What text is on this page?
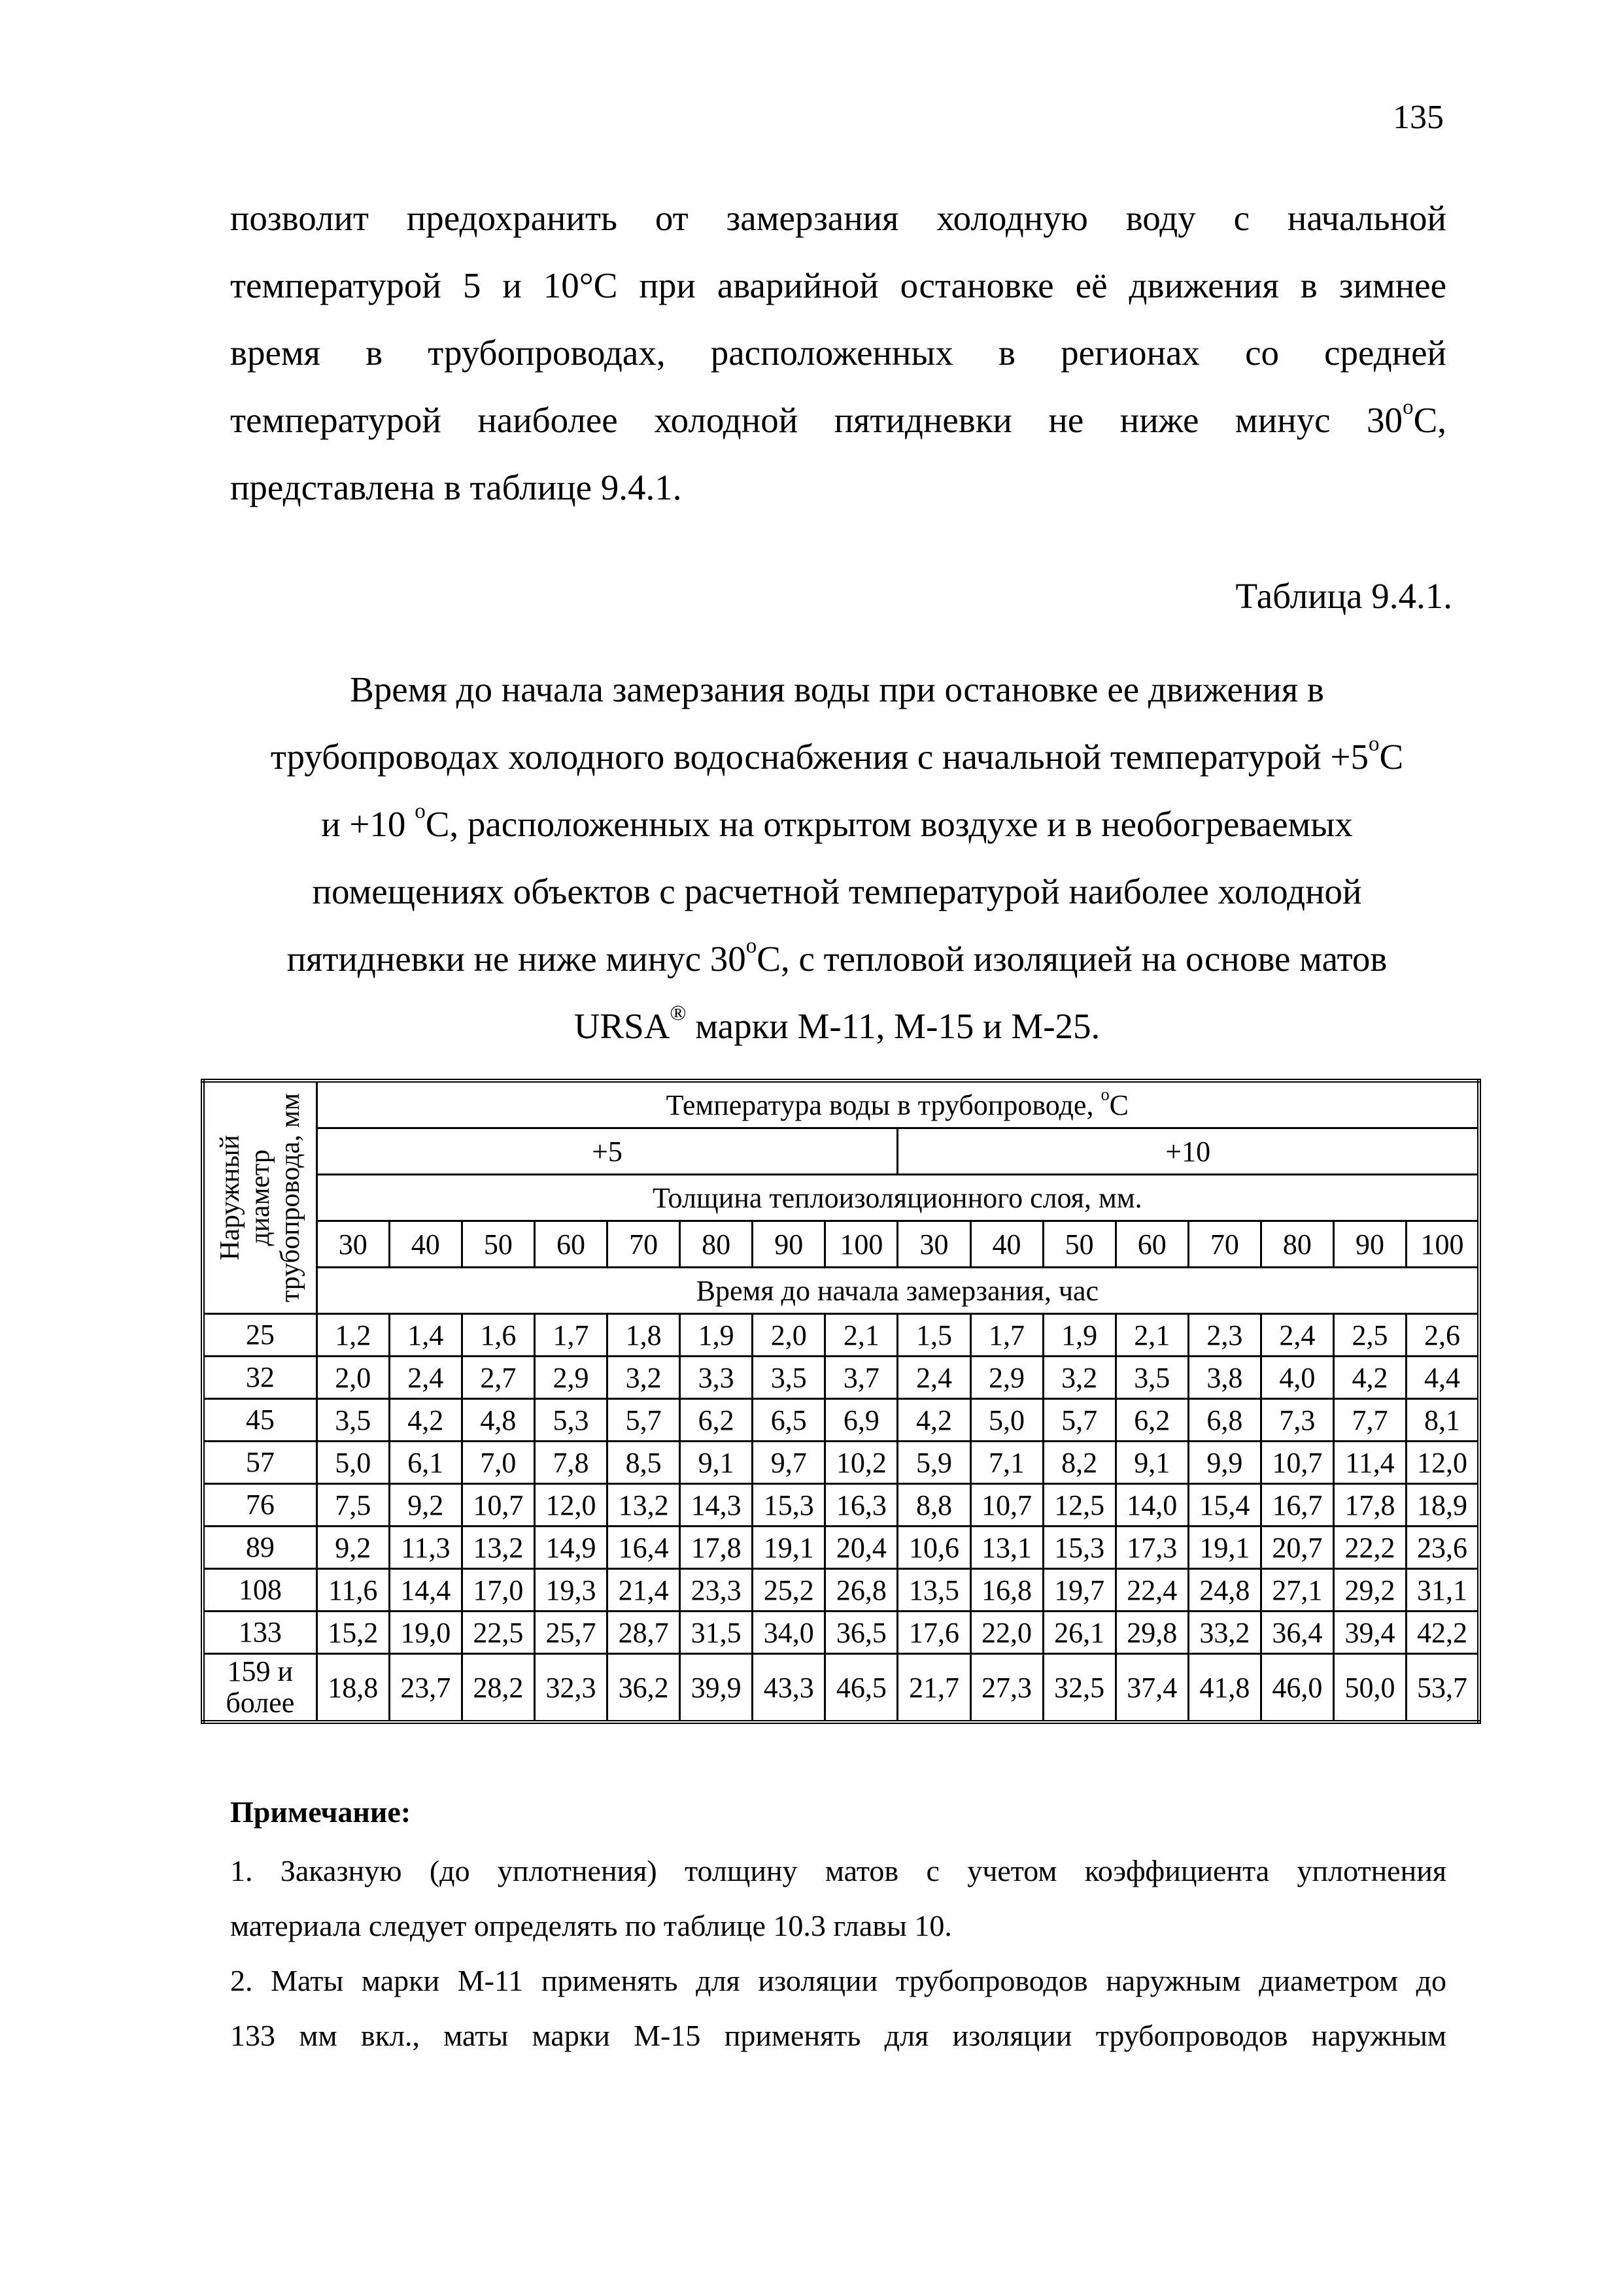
135
позволит предохранить от замерзания холодную воду с начальной
температурой 5 и 10°С при аварийной остановке её движения в зимнее
время в трубопроводах, расположенных в регионах со средней
температурой наиболее холодной пятидневки не ниже минус 30$^o$С,
представлена в таблице 9.4.1.
Таблица 9.4.1.
Время до начала замерзания воды при остановке ее движения в
трубопроводах холодного водоснабжения с начальной температурой $+5^oС$
и +10 $^o$С, расположенных на открытом воздухе и в необогреваемых
помещениях объектов с расчетной температурой наиболее холодной
пятидневки не ниже минус 30$^o$С, с тепловой изоляцией на основе матов
URSA® марки М-11, М-15 и М-25.
Наружный диаметр трубопровода, мм	Температура воды в трубопроводе, $^o$С															
	+5								+10							
	Толщина теплоизоляционного слоя, мм.															
	30	40	50	60	70	80	90	100	30	40	50	60	70	80	90	100
	Время до начала замерзания, час															

25	1,2	1,4	1,6	1,7	1,8	1,9	2,0	2,1	1,5	1,7	1,9	2,1	2,3	2,4	2,5	2,6

32	2,0	2,4	2,7	2,9	3,2	3,3	3,5	3,7	2,4	2,9	3,2	3,5	3,8	4,0	4,2	4,4

45	3,5	4,2	4,8	5,3	5,7	6,2	6,5	6,9	4,2	5,0	5,7	6,2	6,8	7,3	7,7	8,1

57	5,0	6,1	7,0	7,8	8,5	9,1	9,7	10,2	5,9	7,1	8,2	9,1	9,9	10,7	11,4	12,0

76	7,5	9,2	10,7	12,0	13,2	14,3	15,3	16,3	8,8	10,7	12,5	14,0	15,4	16,7	17,8	18,9

89	9,2	11,3	13,2	14,9	16,4	17,8	19,1	20,4	10,6	13,1	15,3	17,3	19,1	20,7	22,2	23,6

108	11,6	14,4	17,0	19,3	21,4	23,3	25,2	26,8	13,5	16,8	19,7	22,4	24,8	27,1	29,2	31,1

133	15,2	19,0	22,5	25,7	28,7	31,5	34,0	36,5	17,6	22,0	26,1	29,8	33,2	36,4	39,4	42,2

159 и
более	18,8	23,7	28,2	32,3	36,2	39,9	43,3	46,5	21,7	27,3	32,5	37,4	41,8	46,0	50,0	53,7
Примечание:
1. Заказную (до уплотнения) толщину матов с учетом коэффициента уплотнения
материала следует определять по таблице 10.3 главы 10.
2. Маты марки М-11 применять для изоляции трубопроводов наружным диаметром до
133 мм вкл., маты марки М-15 применять для изоляции трубопроводов наружным
